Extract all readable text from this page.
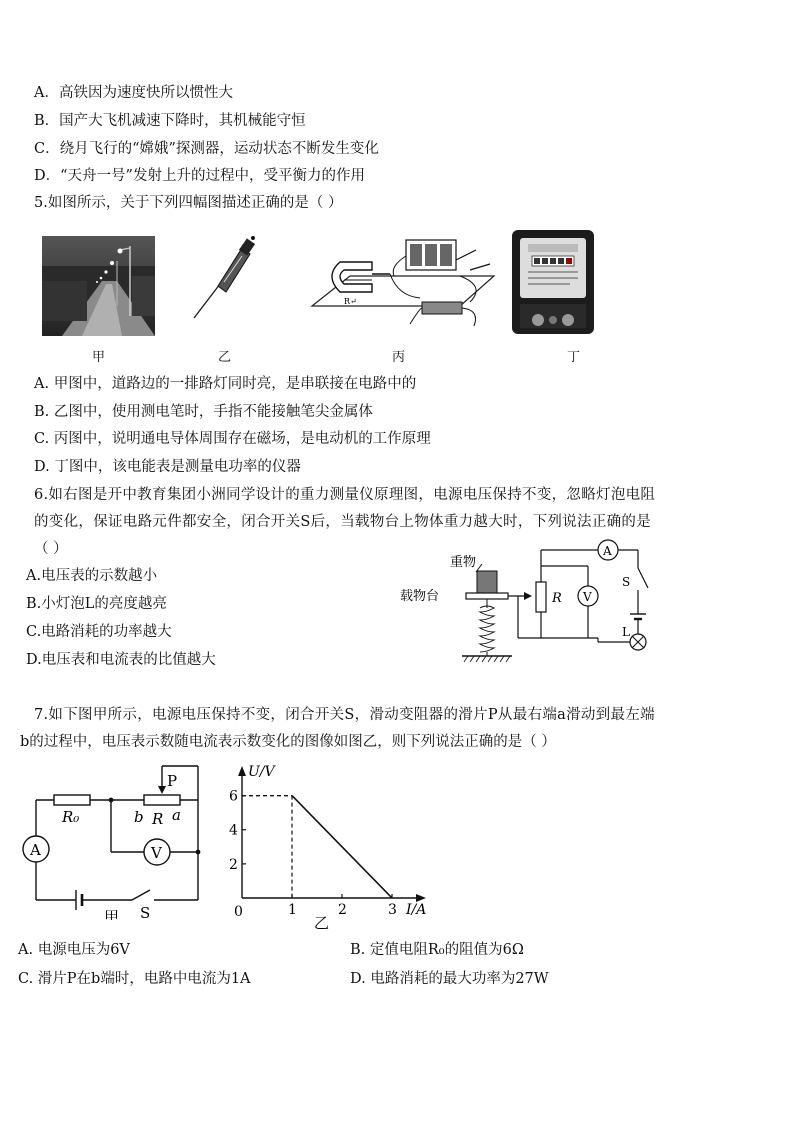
A．高铁因为速度快所以惯性大
B．国产大飞机减速下降时，其机械能守恒
C．绕月飞行的“嫦娥”探测器，运动状态不断发生变化
D．“天舟一号”发射上升的过程中，受平衡力的作用
5.如图所示，关于下列四幅图描述正确的是（ ）
甲	乙
R↵
丙	丁
A. 甲图中，道路边的一排路灯同时亮，是串联接在电路中的
B. 乙图中，使用测电笔时，手指不能接触笔尖金属体
C. 丙图中，说明通电导体周围存在磁场，是电动机的工作原理
D. 丁图中，该电能表是测量电功率的仪器
6.如右图是开中教育集团小洲同学设计的重力测量仪原理图，电源电压保持不变，忽略灯泡电阻
的变化，保证电路元件都安全，闭合开关S后，当载物台上物体重力越大时，下列说法正确的是
（ ）
A.电压表的示数越小
B.小灯泡L的亮度越亮
C.电路消耗的功率越大
D.电压表和电流表的比值越大
重物
载物台	R V
A
S
L
7.如下图甲所示，电源电压保持不变，闭合开关S，滑动变阻器的滑片P从最右端a滑动到最左端
b的过程中，电压表示数随电流表示数变化的图像如图乙，则下列说法正确的是（ ）
P
R₀	b R a
V
A
S
甲
U/V
I/A
0
乙
1	2	3
2
4
6
A. 电源电压为6V	B. 定值电阻R₀的阻值为6Ω
C. 滑片P在b端时，电路中电流为1A	D. 电路消耗的最大功率为27W
